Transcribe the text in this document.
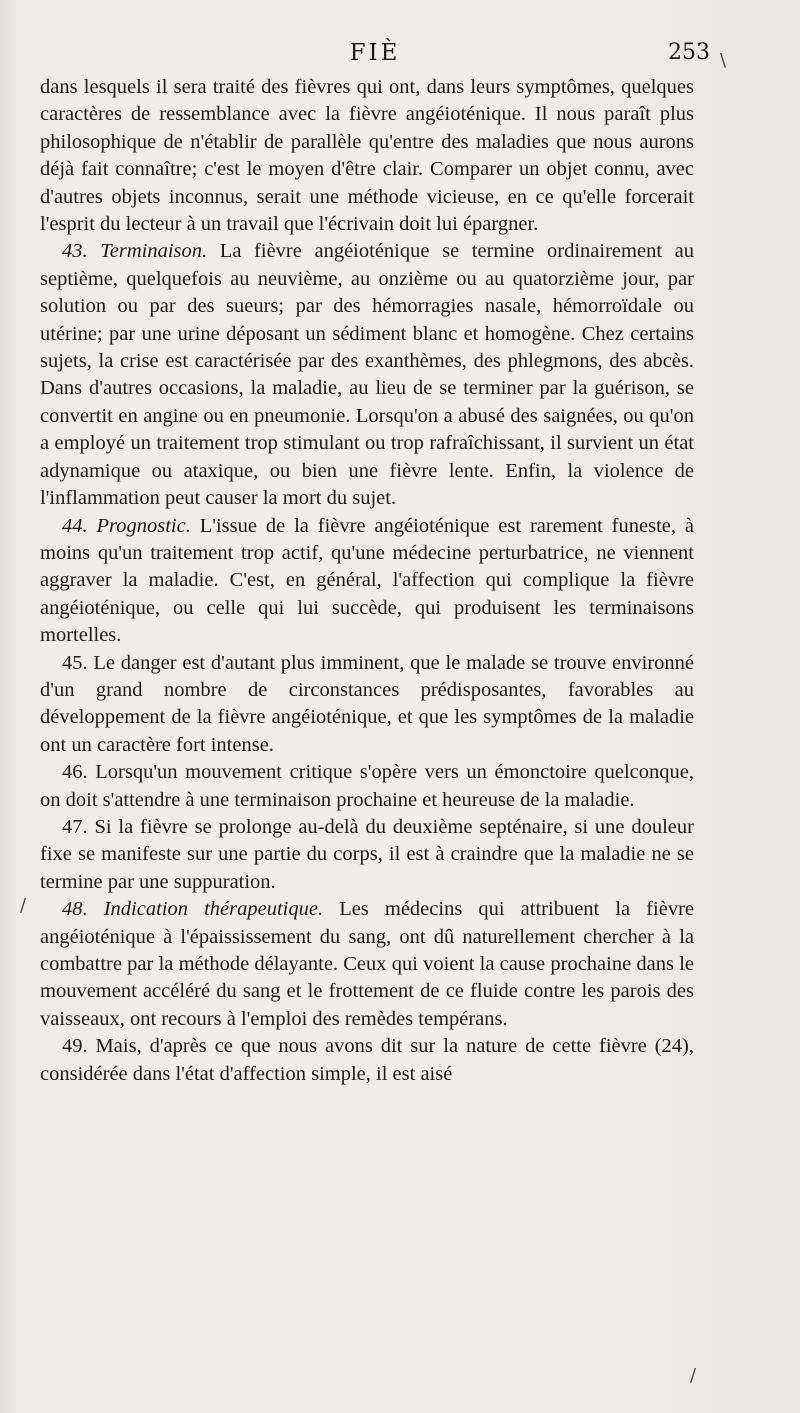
FIÈ	253

dans lesquels il sera traité des fièvres qui ont, dans leurs symptômes, quelques caractères de ressemblance avec la fièvre angéioténique. Il nous paraît plus philosophique de n'établir de parallèle qu'entre des maladies que nous aurons déjà fait connaître; c'est le moyen d'être clair. Comparer un objet connu, avec d'autres objets inconnus, serait une méthode vicieuse, en ce qu'elle forcerait l'esprit du lecteur à un travail que l'écrivain doit lui épargner.

43. Terminaison. La fièvre angéioténique se termine ordinairement au septième, quelquefois au neuvième, au onzième ou au quatorzième jour, par solution ou par des sueurs; par des hémorragies nasale, hémorroïdale ou utérine; par une urine déposant un sédiment blanc et homogène. Chez certains sujets, la crise est caractérisée par des exanthèmes, des phlegmons, des abcès. Dans d'autres occasions, la maladie, au lieu de se terminer par la guérison, se convertit en angine ou en pneumonie. Lorsqu'on a abusé des saignées, ou qu'on a employé un traitement trop stimulant ou trop rafraîchissant, il survient un état adynamique ou ataxique, ou bien une fièvre lente. Enfin, la violence de l'inflammation peut causer la mort du sujet.

44. Prognostic. L'issue de la fièvre angéioténique est rarement funeste, à moins qu'un traitement trop actif, qu'une médecine perturbatrice, ne viennent aggraver la maladie. C'est, en général, l'affection qui complique la fièvre angéioténique, ou celle qui lui succède, qui produisent les terminaisons mortelles.

45. Le danger est d'autant plus imminent, que le malade se trouve environné d'un grand nombre de circonstances prédisposantes, favorables au développement de la fièvre angéioténique, et que les symptômes de la maladie ont un caractère fort intense.

46. Lorsqu'un mouvement critique s'opère vers un émonctoire quelconque, on doit s'attendre à une terminaison prochaine et heureuse de la maladie.

47. Si la fièvre se prolonge au-delà du deuxième septénaire, si une douleur fixe se manifeste sur une partie du corps, il est à craindre que la maladie ne se termine par une suppuration.

48. Indication thérapeutique. Les médecins qui attribuent la fièvre angéioténique à l'épaississement du sang, ont dû naturellement chercher à la combattre par la méthode délayante. Ceux qui voient la cause prochaine dans le mouvement accéléré du sang et le frottement de ce fluide contre les parois des vaisseaux, ont recours à l'emploi des remèdes tempérans.

49. Mais, d'après ce que nous avons dit sur la nature de cette fièvre (24), considérée dans l'état d'affection simple, il est aisé

/
\
/
